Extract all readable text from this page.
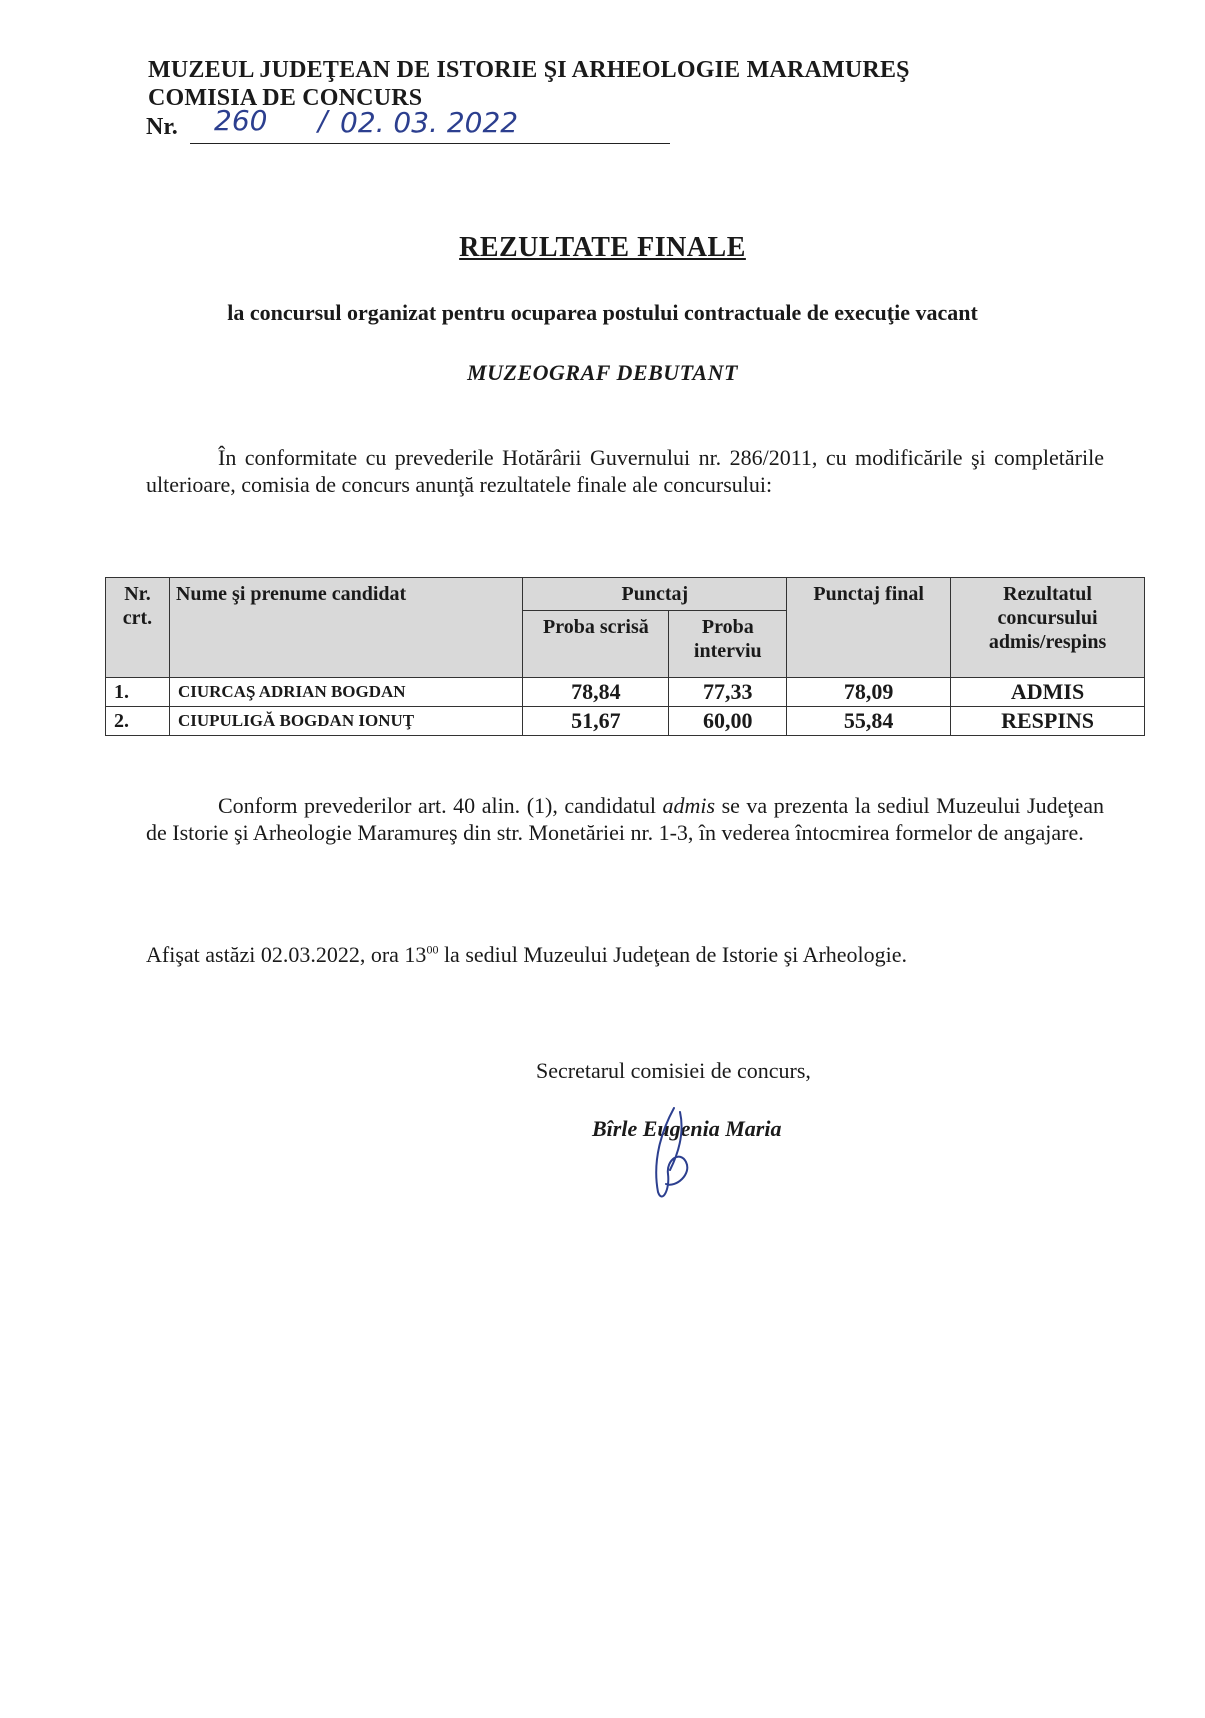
MUZEUL JUDEŢEAN DE ISTORIE ŞI ARHEOLOGIE MARAMUREŞ
COMISIA DE CONCURS
Nr. 260 / 02. 03. 2022
REZULTATE FINALE
la concursul organizat pentru ocuparea postului contractuale de execuţie vacant
MUZEOGRAF DEBUTANT
În conformitate cu prevederile Hotărârii Guvernului nr. 286/2011, cu modificările şi completările ulterioare, comisia de concurs anunţă rezultatele finale ale concursului:
Nr. crt.	Nume şi prenume candidat	Punctaj		Punctaj final	Rezultatul concursului admis/respins
		Proba scrisă	Proba interviu		
1.	CIURCAŞ ADRIAN BOGDAN	78,84	77,33	78,09	ADMIS
2.	CIUPULIGĂ BOGDAN IONUŢ	51,67	60,00	55,84	RESPINS
Conform prevederilor art. 40 alin. (1), candidatul admis se va prezenta la sediul Muzeului Judeţean de Istorie şi Arheologie Maramureş din str. Monetăriei nr. 1-3, în vederea întocmirea formelor de angajare.
Afişat astăzi 02.03.2022, ora $13^{00}$ la sediul Muzeului Judeţean de Istorie şi Arheologie.
Secretarul comisiei de concurs,
Bîrle Eugenia Maria
